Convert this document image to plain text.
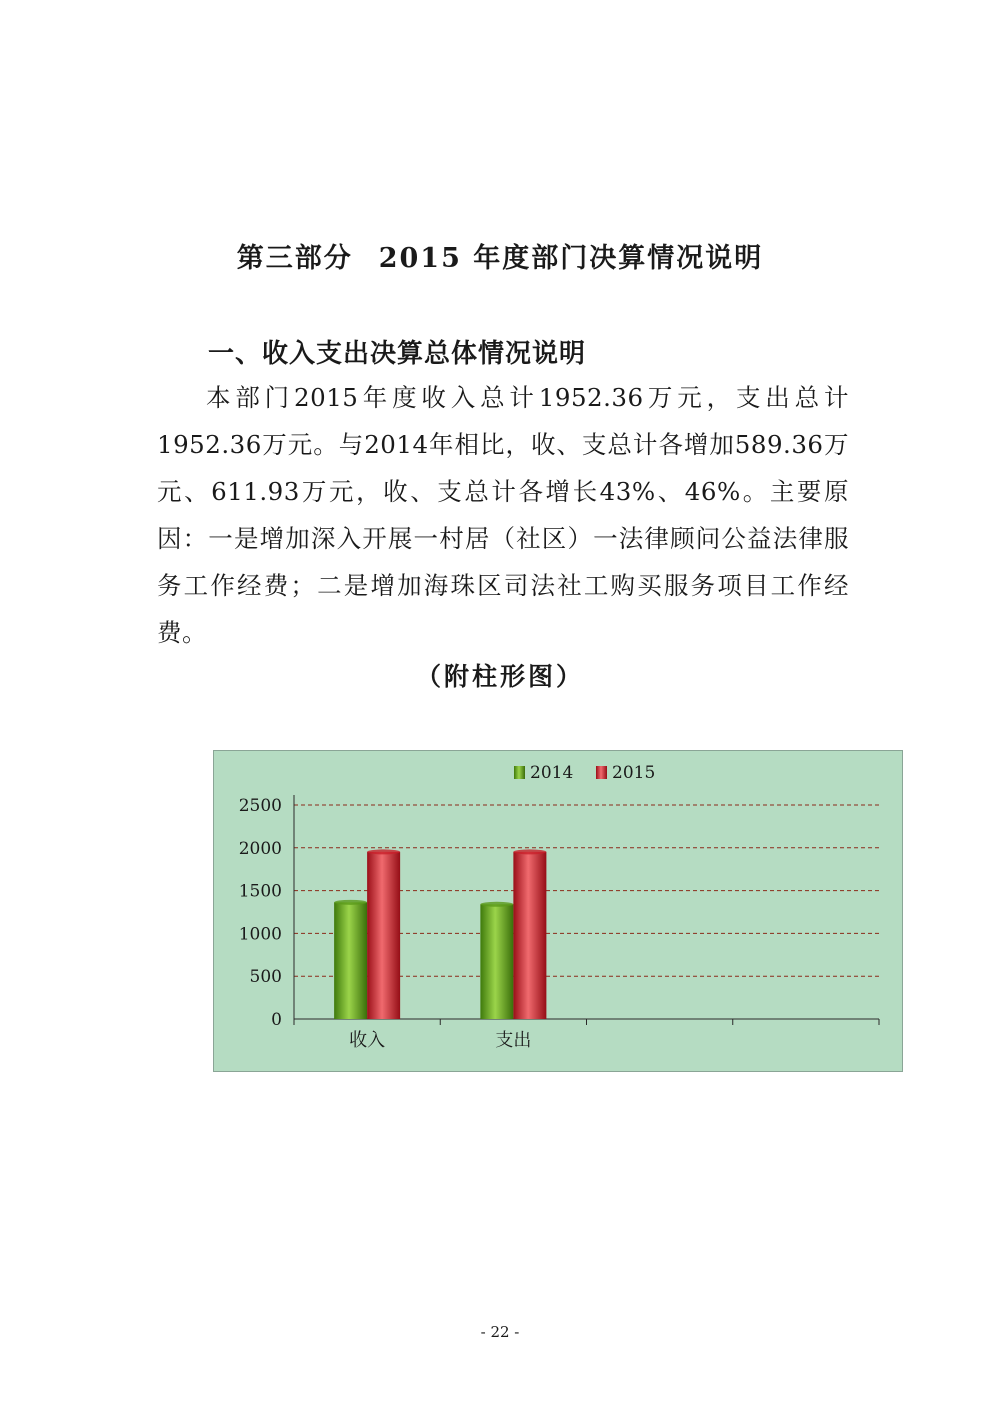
第三部分 2015 年度部门决算情况说明
一、收入支出决算总体情况说明

本部门2015年度收入总计1952.36万元，支出总计1952.36万元。与2014年相比，收、支总计各增加589.36万元、611.93万元，收、支总计各增长43%、46%。主要原因：一是增加深入开展一村居（社区）一法律顾问公益法律服务工作经费；二是增加海珠区司法社工购买服务项目工作经费。

（附柱形图）

0
500
1000
1500
2000
2500
收入	支出
2014 2015

- 22 -
